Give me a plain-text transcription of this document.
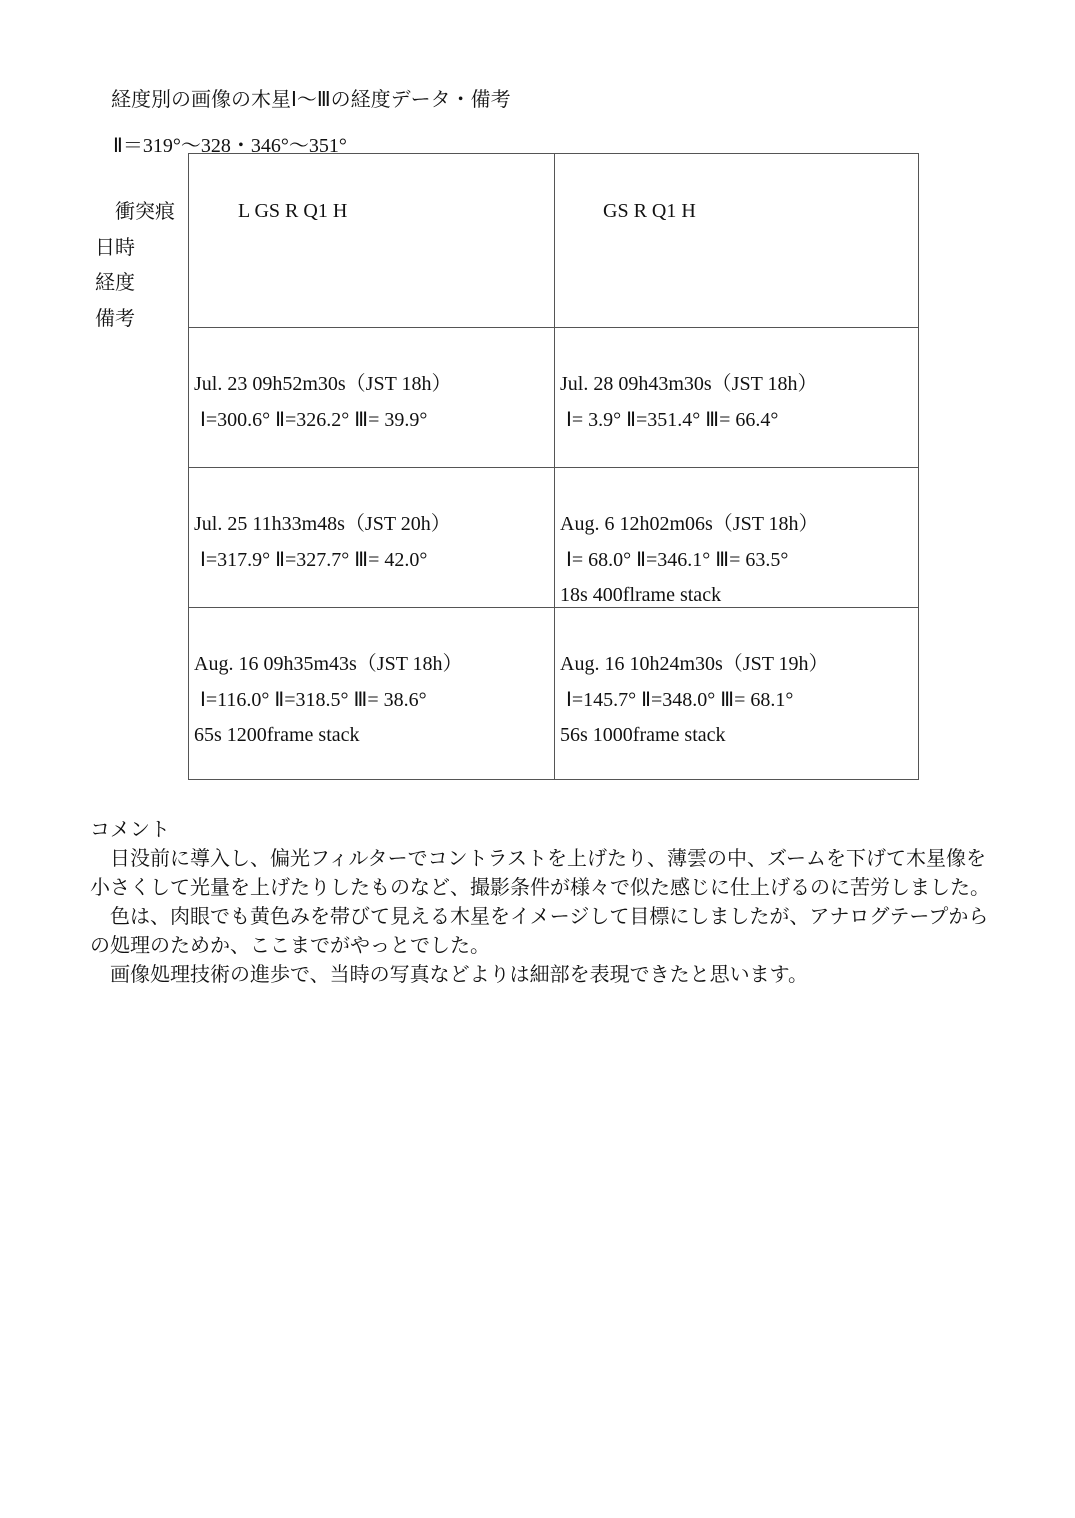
経度別の画像の木星Ⅰ～Ⅲの経度データ・備考
Ⅱ＝319°～328・346°～351°
衝突痕
日時
経度
備考
L GS R Q1 H	GS R Q1 H
Jul. 23 09h52m30s（JST 18h）
Ⅰ=300.6° Ⅱ=326.2° Ⅲ= 39.9°
Jul. 28 09h43m30s（JST 18h）
Ⅰ= 3.9° Ⅱ=351.4° Ⅲ= 66.4°
Jul. 25 11h33m48s（JST 20h）
Ⅰ=317.9° Ⅱ=327.7° Ⅲ= 42.0°
Aug. 6 12h02m06s（JST 18h）
Ⅰ= 68.0° Ⅱ=346.1° Ⅲ= 63.5°
18s 400flrame stack
Aug. 16 09h35m43s（JST 18h）
Ⅰ=116.0° Ⅱ=318.5° Ⅲ= 38.6°
65s 1200frame stack
Aug. 16 10h24m30s（JST 19h）
Ⅰ=145.7° Ⅱ=348.0° Ⅲ= 68.1°
56s 1000frame stack

コメント

日没前に導入し、偏光フィルターでコントラストを上げたり、薄雲の中、ズームを下げて木星像を小さくして光量を上げたりしたものなど、撮影条件が様々で似た感じに仕上げるのに苦労しました。

色は、肉眼でも黄色みを帯びて見える木星をイメージして目標にしましたが、アナログテープからの処理のためか、ここまでがやっとでした。

画像処理技術の進歩で、当時の写真などよりは細部を表現できたと思います。
